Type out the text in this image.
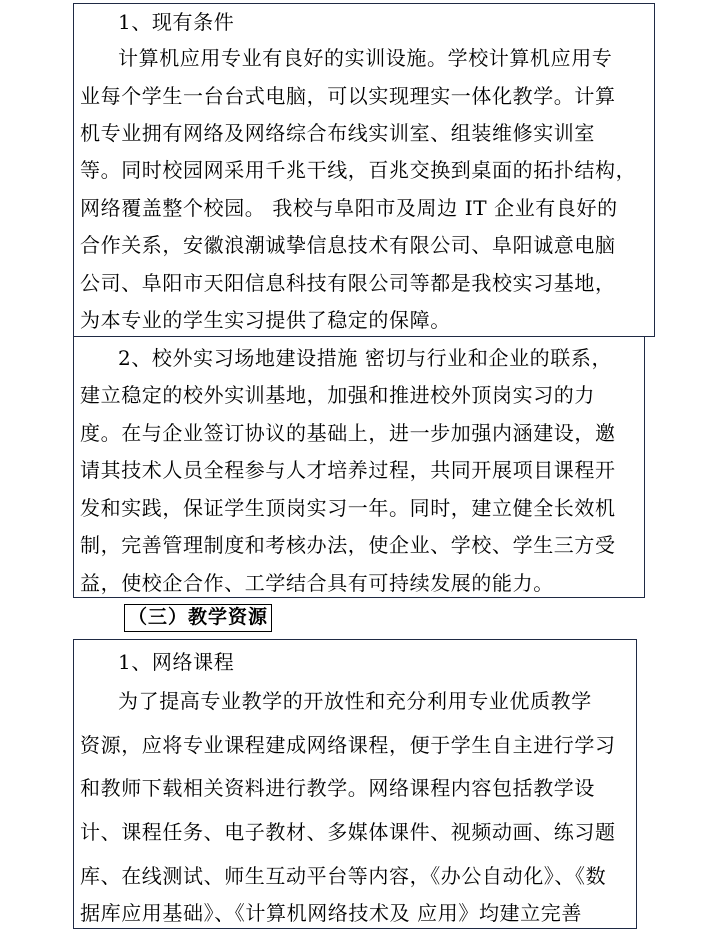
1、现有条件
计算机应用专业有良好的实训设施。学校计算机应用专
业每个学生一台台式电脑，可以实现理实一体化教学。计算
机专业拥有网络及网络综合布线实训室、组装维修实训室
等。同时校园网采用千兆干线，百兆交换到桌面的拓扑结构，
网络覆盖整个校园。 我校与阜阳市及周边 IT 企业有良好的
合作关系，安徽浪潮诚挚信息技术有限公司、阜阳诚意电脑
公司、阜阳市天阳信息科技有限公司等都是我校实习基地，
为本专业的学生实习提供了稳定的保障。
2、校外实习场地建设措施 密切与行业和企业的联系，
建立稳定的校外实训基地，加强和推进校外顶岗实习的力
度。在与企业签订协议的基础上，进一步加强内涵建设，邀
请其技术人员全程参与人才培养过程，共同开展项目课程开
发和实践，保证学生顶岗实习一年。同时，建立健全长效机
制，完善管理制度和考核办法，使企业、学校、学生三方受
益，使校企合作、工学结合具有可持续发展的能力。
（三）教学资源
1、网络课程
为了提高专业教学的开放性和充分利用专业优质教学
资源，应将专业课程建成网络课程，便于学生自主进行学习
和教师下载相关资料进行教学。网络课程内容包括教学设
计、课程任务、电子教材、多媒体课件、视频动画、练习题
库、在线测试、师生互动平台等内容，《办公自动化》、《数
据库应用基础》、《计算机网络技术及 应用》均建立完善
